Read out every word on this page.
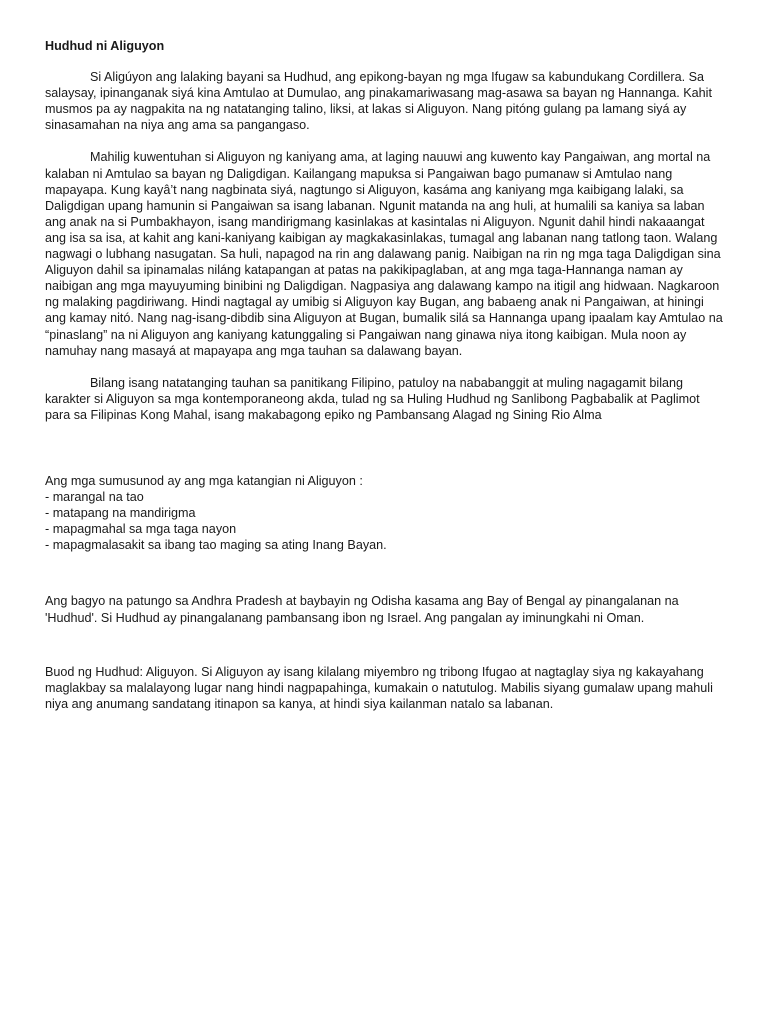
Hudhud ni Aliguyon

Si Aligúyon ang lalaking bayani sa Hudhud, ang epikong-bayan ng mga Ifugaw sa kabundukang Cordillera. Sa salaysay, ipinanganak siyá kina Amtulao at Dumulao, ang pinakamariwasang mag-asawa sa bayan ng Hannanga. Kahit musmos pa ay nagpakita na ng natatanging talino, liksi, at lakas si Aliguyon. Nang pitóng gulang pa lamang siyá ay sinasamahan na niya ang ama sa pangangaso.

Mahilig kuwentuhan si Aliguyon ng kaniyang ama, at laging nauuwi ang kuwento kay Pangaiwan, ang mortal na kalaban ni Amtulao sa bayan ng Daligdigan. Kailangang mapuksa si Pangaiwan bago pumanaw si Amtulao nang mapayapa. Kung kayâ’t nang nagbinata siyá, nagtungo si Aliguyon, kasáma ang kaniyang mga kaibigang lalaki, sa Daligdigan upang hamunin si Pangaiwan sa isang labanan. Ngunit matanda na ang huli, at humalili sa kaniya sa laban ang anak na si Pumbakhayon, isang mandirigmang kasinlakas at kasintalas ni Aliguyon. Ngunit dahil hindi nakaaangat ang isa sa isa, at kahit ang kani-kaniyang kaibigan ay magkakasinlakas, tumagal ang labanan nang tatlong taon. Walang nagwagi o lubhang nasugatan. Sa huli, napagod na rin ang dalawang panig. Naibigan na rin ng mga taga Daligdigan sina Aliguyon dahil sa ipinamalas niláng katapangan at patas na pakikipaglaban, at ang mga taga-Hannanga naman ay naibigan ang mga mayuyuming binibini ng Daligdigan. Nagpasiya ang dalawang kampo na itigil ang hidwaan. Nagkaroon ng malaking pagdiriwang. Hindi nagtagal ay umibig si Aliguyon kay Bugan, ang babaeng anak ni Pangaiwan, at hiningi ang kamay nitó. Nang nag-isang-dibdib sina Aliguyon at Bugan, bumalik silá sa Hannanga upang ipaalam kay Amtulao na “pinaslang” na ni Aliguyon ang kaniyang katunggaling si Pangaiwan nang ginawa niya itong kaibigan. Mula noon ay namuhay nang masayá at mapayapa ang mga tauhan sa dalawang bayan.

Bilang isang natatanging tauhan sa panitikang Filipino, patuloy na nababanggit at muling nagagamit bilang karakter si Aliguyon sa mga kontemporaneong akda, tulad ng sa Huling Hudhud ng Sanlibong Pagbabalik at Paglimot para sa Filipinas Kong Mahal, isang makabagong epiko ng Pambansang Alagad ng Sining Rio Alma

Ang mga sumusunod ay ang mga katangian ni Aliguyon :

- marangal na tao
- matapang na mandirigma
- mapagmahal sa mga taga nayon
- mapagmalasakit sa ibang tao maging sa ating Inang Bayan.

Ang bagyo na patungo sa Andhra Pradesh at baybayin ng Odisha kasama ang Bay of Bengal ay pinangalanan na 'Hudhud'. Si Hudhud ay pinangalanang pambansang ibon ng Israel. Ang pangalan ay iminungkahi ni Oman.

Buod ng Hudhud: Aliguyon. Si Aliguyon ay isang kilalang miyembro ng tribong Ifugao at nagtaglay siya ng kakayahang maglakbay sa malalayong lugar nang hindi nagpapahinga, kumakain o natutulog. Mabilis siyang gumalaw upang mahuli niya ang anumang sandatang itinapon sa kanya, at hindi siya kailanman natalo sa labanan.
